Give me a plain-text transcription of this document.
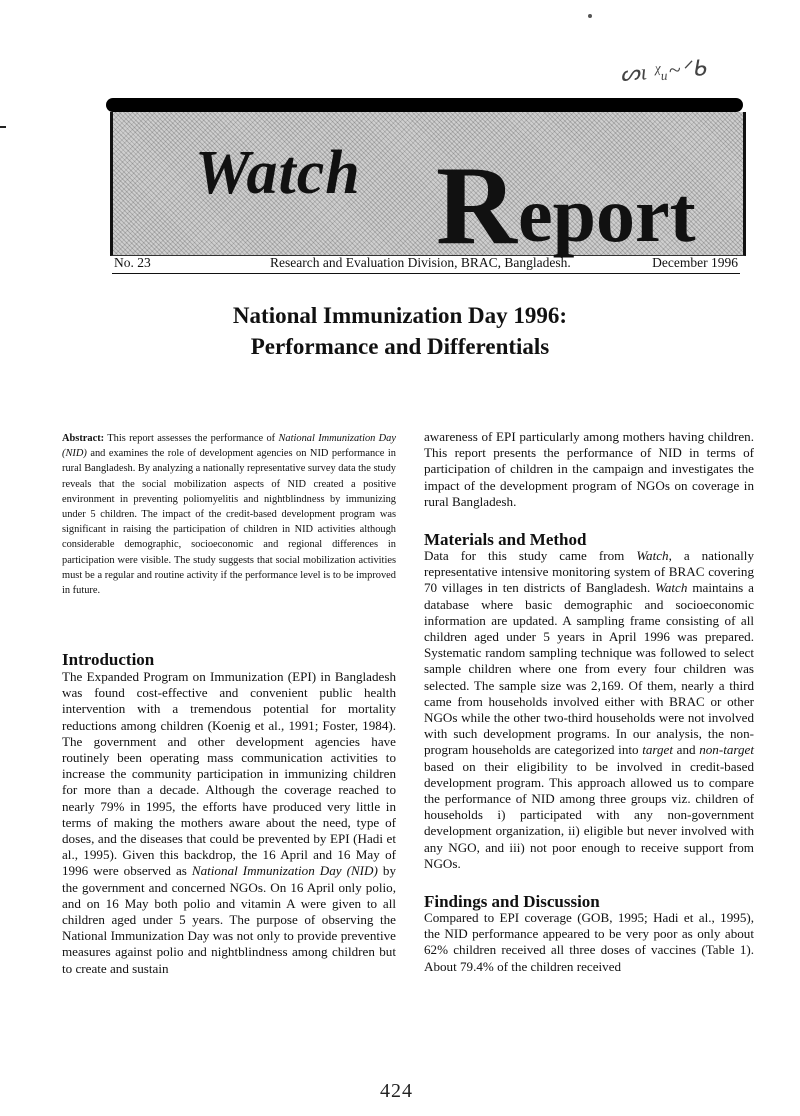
ᔕɩ ᵡᵤ~ᐟᑲ
Watch R eport
No. 23	Research and Evaluation Division, BRAC, Bangladesh.	December 1996
National Immunization Day 1996:
Performance and Differentials
Abstract: This report assesses the performance of National Immunization Day (NID) and examines the role of development agencies on NID performance in rural Bangladesh. By analyzing a nationally representative survey data the study reveals that the social mobilization aspects of NID created a positive environment in preventing poliomyelitis and nightblindness by immunizing under 5 children. The impact of the credit-based development program was significant in raising the participation of children in NID activities although considerable demographic, socioeconomic and regional differences in participation were visible. The study suggests that social mobilization activities must be a regular and routine activity if the performance level is to be improved in future.
Introduction
The Expanded Program on Immunization (EPI) in Bangladesh was found cost-effective and convenient public health intervention with a tremendous potential for mortality reductions among children (Koenig et al., 1991; Foster, 1984). The government and other development agencies have routinely been operating mass communication activities to increase the community participation in immunizing children for more than a decade. Although the coverage reached to nearly 79% in 1995, the efforts have produced very little in terms of making the mothers aware about the need, type of doses, and the diseases that could be prevented by EPI (Hadi et al., 1995). Given this backdrop, the 16 April and 16 May of 1996 were observed as National Immunization Day (NID) by the government and concerned NGOs. On 16 April only polio, and on 16 May both polio and vitamin A were given to all children aged under 5 years. The purpose of observing the National Immunization Day was not only to provide preventive measures against polio and nightblindness among children but to create and sustain
awareness of EPI particularly among mothers having children. This report presents the performance of NID in terms of participation of children in the campaign and investigates the impact of the development program of NGOs on coverage in rural Bangladesh.
Materials and Method
Data for this study came from Watch, a nationally representative intensive monitoring system of BRAC covering 70 villages in ten districts of Bangladesh. Watch maintains a database where basic demographic and socioeconomic information are updated. A sampling frame consisting of all children aged under 5 years in April 1996 was prepared. Systematic random sampling technique was followed to select sample children where one from every four children was selected. The sample size was 2,169. Of them, nearly a third came from households involved either with BRAC or other NGOs while the other two-third households were not involved with such development programs. In our analysis, the non-program households are categorized into target and non-target based on their eligibility to be involved in credit-based development program. This approach allowed us to compare the performance of NID among three groups viz. children of households i) participated with any non-government development organization, ii) eligible but never involved with any NGO, and iii) not poor enough to receive support from NGOs.
Findings and Discussion
Compared to EPI coverage (GOB, 1995; Hadi et al., 1995), the NID performance appeared to be very poor as only about 62% children received all three doses of vaccines (Table 1). About 79.4% of the children received
424
